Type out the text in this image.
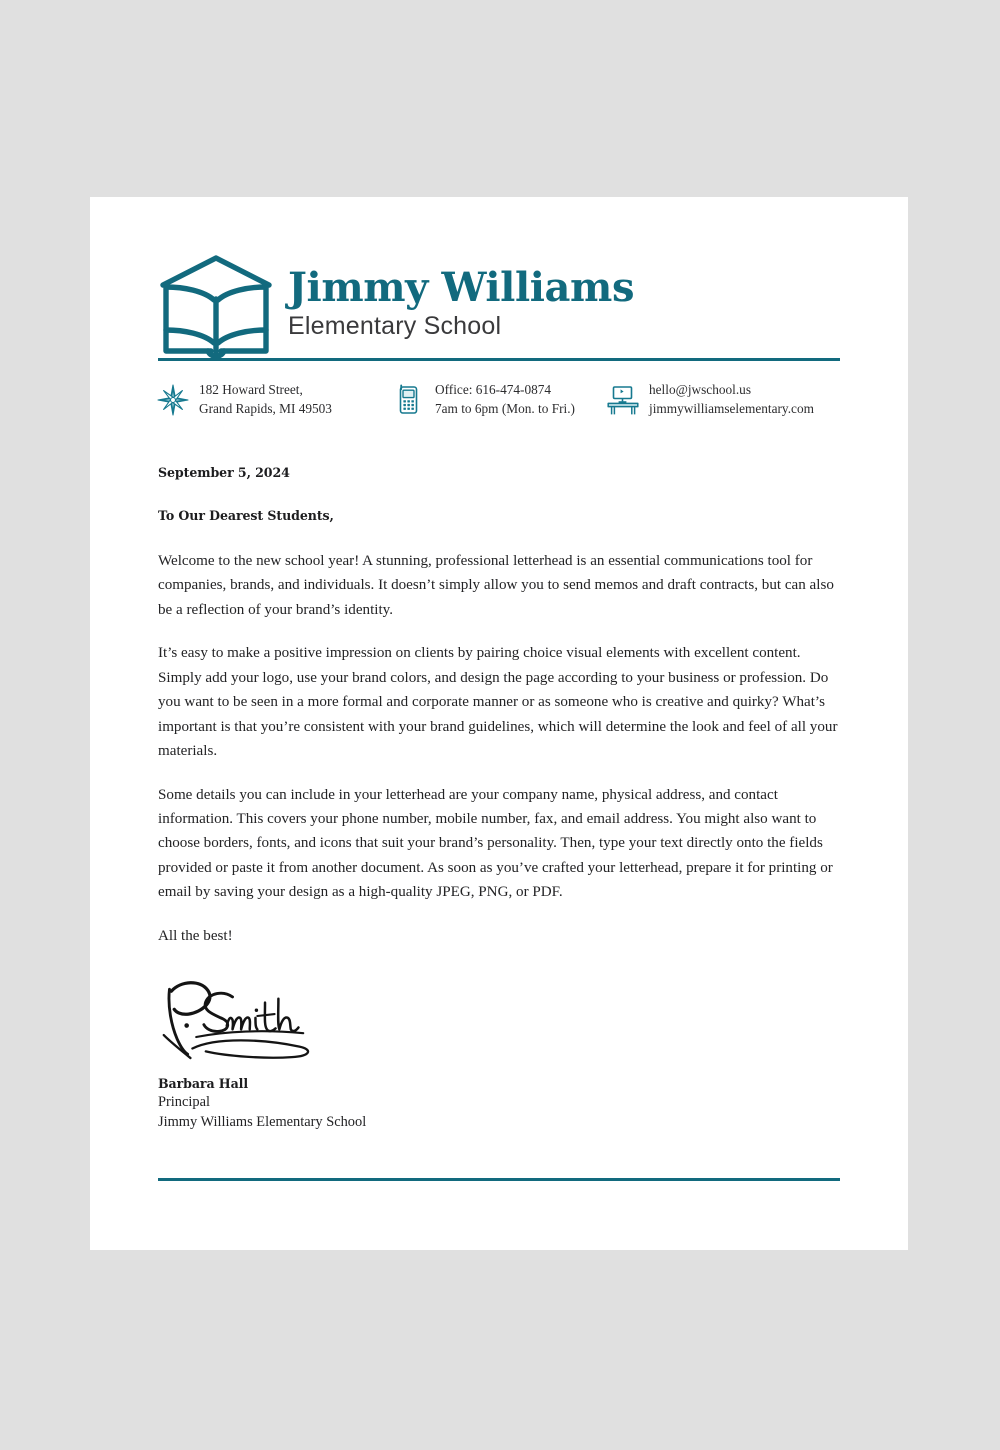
Jimmy Williams
Elementary School
182 Howard Street,
Grand Rapids, MI 49503
Office: 616-474-0874
7am to 6pm (Mon. to Fri.)
hello@jwschool.us
jimmywilliamselementary.com
September 5, 2024
To Our Dearest Students,

Welcome to the new school year! A stunning, professional letterhead is an essential communications tool for companies, brands, and individuals. It doesn’t simply allow you to send memos and draft contracts, but can also be a reflection of your brand’s identity.

It’s easy to make a positive impression on clients by pairing choice visual elements with excellent content. Simply add your logo, use your brand colors, and design the page according to your business or profession. Do you want to be seen in a more formal and corporate manner or as someone who is creative and quirky? What’s important is that you’re consistent with your brand guidelines, which will determine the look and feel of all your materials.

Some details you can include in your letterhead are your company name, physical address, and contact information. This covers your phone number, mobile number, fax, and email address. You might also want to choose borders, fonts, and icons that suit your brand’s personality. Then, type your text directly onto the fields provided or paste it from another document. As soon as you’ve crafted your letterhead, prepare it for printing or email by saving your design as a high-quality JPEG, PNG, or PDF.

All the best!
Barbara Hall
Principal
Jimmy Williams Elementary School
